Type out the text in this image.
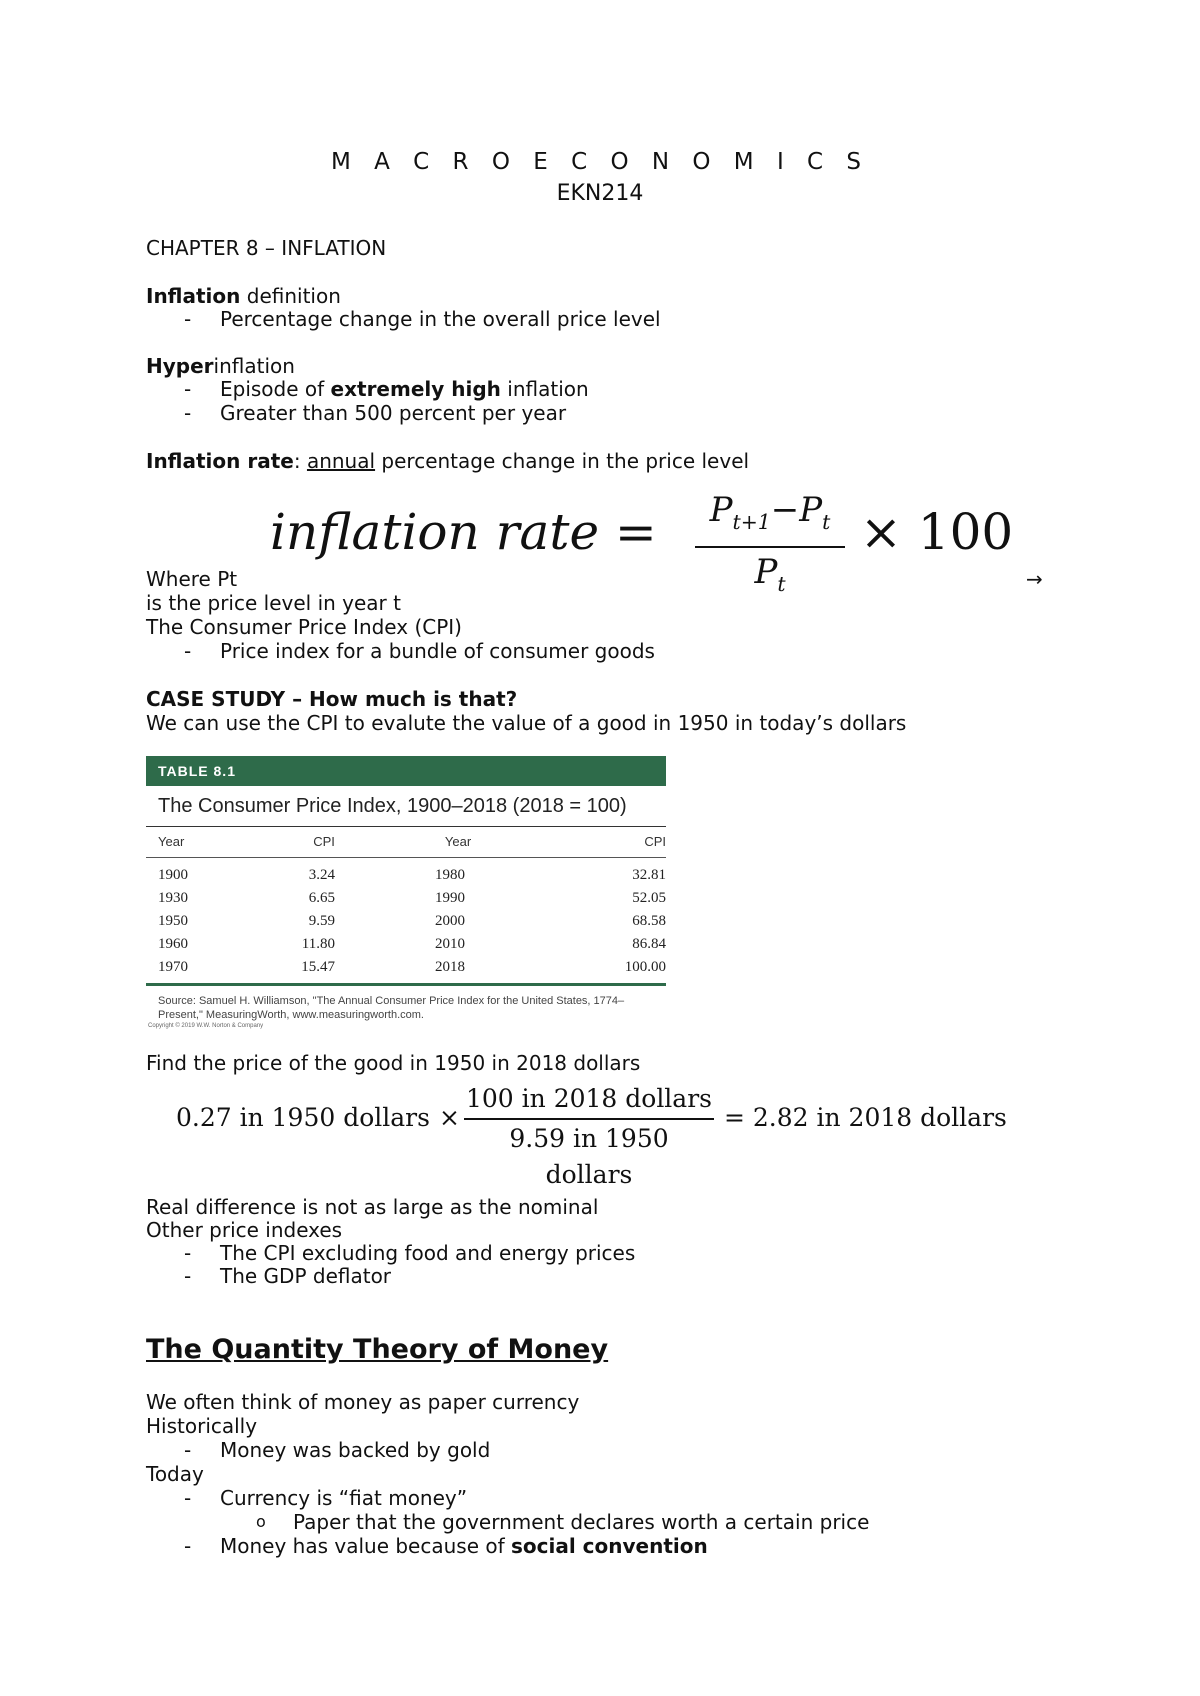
M A C R O E C O N O M I C S
EKN214
CHAPTER 8 – INFLATION
Inflation definition
- Percentage change in the overall price level
Hyperinflation
- Episode of extremely high inflation
- Greater than 500 percent per year
Inflation rate: annual percentage change in the price level
inflation rate =	$P_{t+1}-P_t$
$P_t$
× 100
Where Pt	→
is the price level in year t
The Consumer Price Index (CPI)
- Price index for a bundle of consumer goods
CASE STUDY – How much is that?
We can use the CPI to evalute the value of a good in 1950 in today’s dollars
TABLE 8.1
The Consumer Price Index, 1900–2018 (2018 = 100)
Year	CPI	Year	CPI
1900	3.24	1980	32.81
1930	6.65	1990	52.05
1950	9.59	2000	68.58
1960	11.80	2010	86.84
1970	15.47	2018	100.00
Source: Samuel H. Williamson, "The Annual Consumer Price Index for the United States, 1774–Present," MeasuringWorth, www.measuringworth.com.
Copyright © 2019 W.W. Norton & Company
Find the price of the good in 1950 in 2018 dollars
0.27 in 1950 dollars ×
100 in 2018 dollars
9.59 in 1950 dollars
= 2.82 in 2018 dollars
Real difference is not as large as the nominal
Other price indexes
- The CPI excluding food and energy prices
- The GDP deflator
The Quantity Theory of Money
We often think of money as paper currency
Historically
- Money was backed by gold
Today
- Currency is “fiat money”
o Paper that the government declares worth a certain price
- Money has value because of social convention
